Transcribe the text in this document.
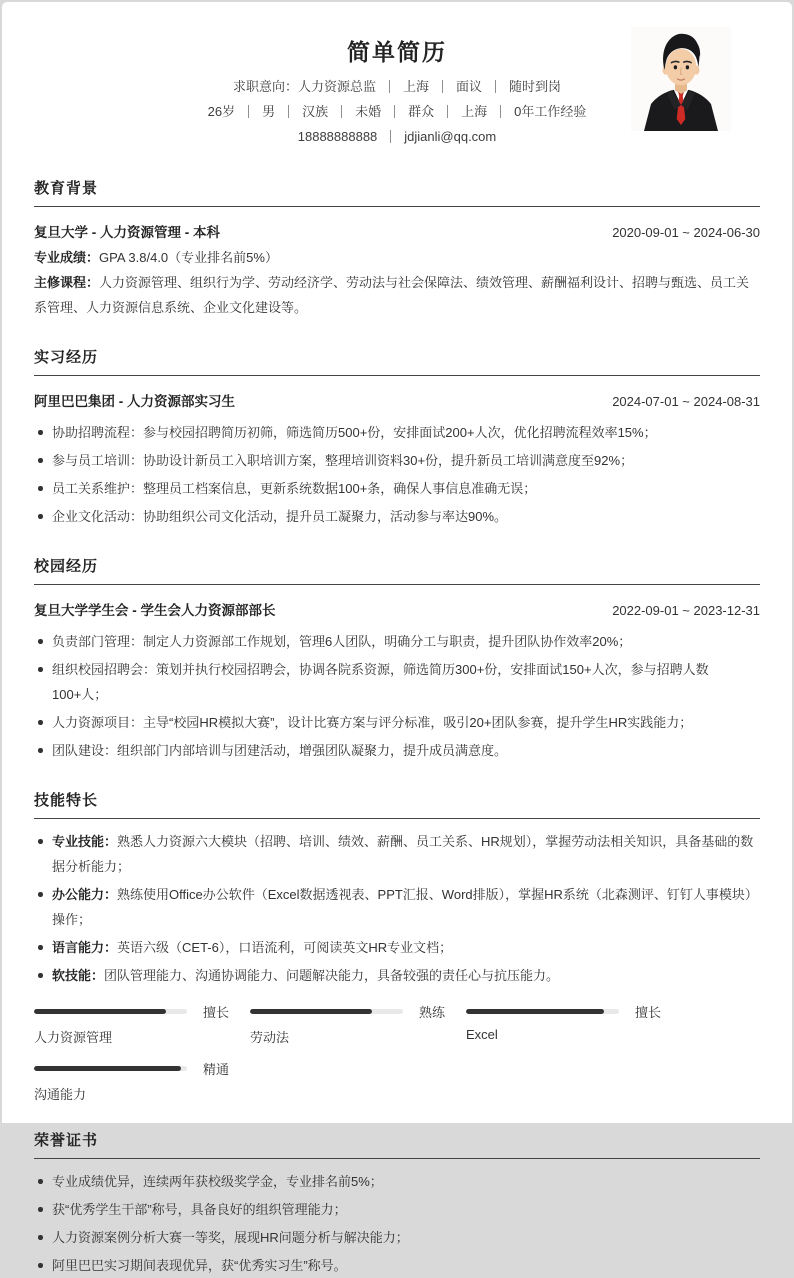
简单简历
求职意向：人力资源总监 上海 面议 随时到岗
26岁 男 汉族 未婚 群众 上海 0年工作经验
18888888888 jdjianli@qq.com
教育背景
复旦大学 - 人力资源管理 - 本科	2020-09-01 ~ 2024-06-30

专业成绩：GPA 3.8/4.0（专业排名前5%）

主修课程：人力资源管理、组织行为学、劳动经济学、劳动法与社会保障法、绩效管理、薪酬福利设计、招聘与甄选、员工关系管理、人力资源信息系统、企业文化建设等。

实习经历
阿里巴巴集团 - 人力资源部实习生	2024-07-01 ~ 2024-08-31
协助招聘流程：参与校园招聘简历初筛，筛选简历500+份，安排面试200+人次，优化招聘流程效率15%；
参与员工培训：协助设计新员工入职培训方案，整理培训资料30+份，提升新员工培训满意度至92%；
员工关系维护：整理员工档案信息，更新系统数据100+条，确保人事信息准确无误；
企业文化活动：协助组织公司文化活动，提升员工凝聚力，活动参与率达90%。
校园经历
复旦大学学生会 - 学生会人力资源部部长	2022-09-01 ~ 2023-12-31
负责部门管理：制定人力资源部工作规划，管理6人团队，明确分工与职责，提升团队协作效率20%；
组织校园招聘会：策划并执行校园招聘会，协调各院系资源，筛选简历300+份，安排面试150+人次，参与招聘人数100+人；
人力资源项目：主导“校园HR模拟大赛”，设计比赛方案与评分标准，吸引20+团队参赛，提升学生HR实践能力；
团队建设：组织部门内部培训与团建活动，增强团队凝聚力，提升成员满意度。
技能特长
专业技能：熟悉人力资源六大模块（招聘、培训、绩效、薪酬、员工关系、HR规划），掌握劳动法相关知识，具备基础的数据分析能力；
办公能力：熟练使用Office办公软件（Excel数据透视表、PPT汇报、Word排版），掌握HR系统（北森测评、钉钉人事模块）操作；
语言能力：英语六级（CET-6），口语流利，可阅读英文HR专业文档；
软技能：团队管理能力、沟通协调能力、问题解决能力，具备较强的责任心与抗压能力。
擅长
人力资源管理
熟练
劳动法
擅长
Excel
精通
沟通能力
荣誉证书
专业成绩优异，连续两年获校级奖学金，专业排名前5%；
获“优秀学生干部”称号，具备良好的组织管理能力；
人力资源案例分析大赛一等奖，展现HR问题分析与解决能力；
阿里巴巴实习期间表现优异，获“优秀实习生”称号。
